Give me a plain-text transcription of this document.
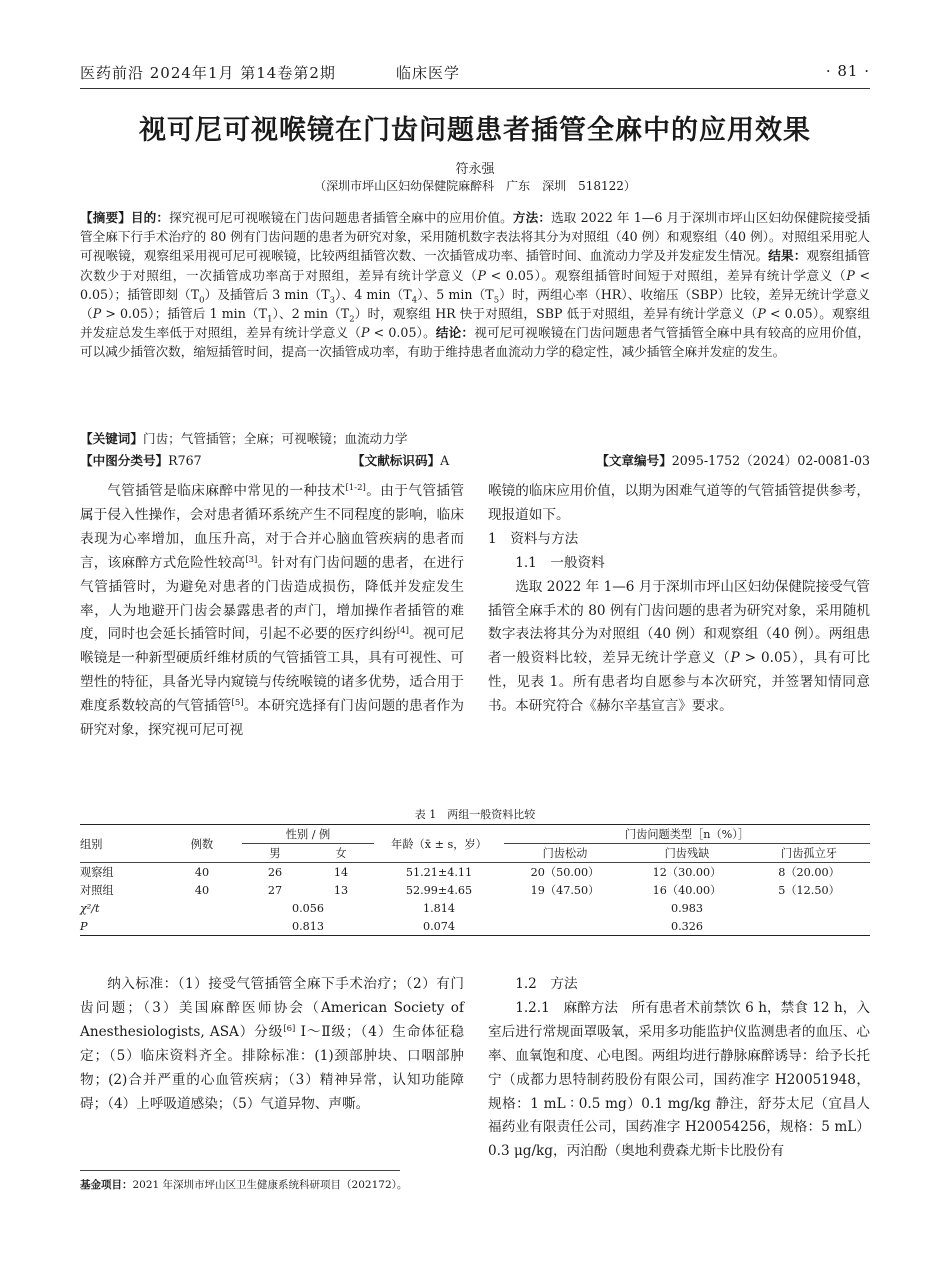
医药前沿 2024年1月 第14卷第2期	临床医学	· 81 ·
视可尼可视喉镜在门齿问题患者插管全麻中的应用效果
符永强
（深圳市坪山区妇幼保健院麻醉科　广东　深圳　518122）
【摘要】目的：探究视可尼可视喉镜在门齿问题患者插管全麻中的应用价值。方法：选取 2022 年 1—6 月于深圳市坪山区妇幼保健院接受插管全麻下行手术治疗的 80 例有门齿问题的患者为研究对象，采用随机数字表法将其分为对照组（40 例）和观察组（40 例）。对照组采用驼人可视喉镜，观察组采用视可尼可视喉镜，比较两组插管次数、一次插管成功率、插管时间、血流动力学及并发症发生情况。结果：观察组插管次数少于对照组，一次插管成功率高于对照组，差异有统计学意义（P < 0.05）。观察组插管时间短于对照组，差异有统计学意义（P < 0.05）；插管即刻$(T_0)$及插管后 3 $\min(T_3)$、4 $\min(T_4)$、5 $\min(T_5)$时，两组心率（HR）、收缩压（SBP）比较，差异无统计学意义（P > 0.05）；插管后 1 $\min(T_1)$、2 $\min(T_2)$时，观察组 HR 快于对照组，SBP 低于对照组，差异有统计学意义（P < 0.05）。观察组并发症总发生率低于对照组，差异有统计学意义（P < 0.05）。结论：视可尼可视喉镜在门齿问题患者气管插管全麻中具有较高的应用价值，可以减少插管次数，缩短插管时间，提高一次插管成功率，有助于维持患者血流动力学的稳定性，减少插管全麻并发症的发生。
【关键词】门齿；气管插管；全麻；可视喉镜；血流动力学
【中图分类号】R767	【文献标识码】A	【文章编号】2095-1752（2024）02-0081-03

气管插管是临床麻醉中常见的一种技术[1-2]。由于气管插管属于侵入性操作，会对患者循环系统产生不同程度的影响，临床表现为心率增加，血压升高，对于合并心脑血管疾病的患者而言，该麻醉方式危险性较高[3]。针对有门齿问题的患者，在进行气管插管时，为避免对患者的门齿造成损伤，降低并发症发生率，人为地避开门齿会暴露患者的声门，增加操作者插管的难度，同时也会延长插管时间，引起不必要的医疗纠纷[4]。视可尼喉镜是一种新型硬质纤维材质的气管插管工具，具有可视性、可塑性的特征，具备光导内窥镜与传统喉镜的诸多优势，适合用于难度系数较高的气管插管[5]。本研究选择有门齿问题的患者作为研究对象，探究视可尼可视

喉镜的临床应用价值，以期为困难气道等的气管插管提供参考，现报道如下。

1　资料与方法

1.1　一般资料

选取 2022 年 1—6 月于深圳市坪山区妇幼保健院接受气管插管全麻手术的 80 例有门齿问题的患者为研究对象，采用随机数字表法将其分为对照组（40 例）和观察组（40 例）。两组患者一般资料比较，差异无统计学意义（P > 0.05），具有可比性，见表 1。所有患者均自愿参与本次研究，并签署知情同意书。本研究符合《赫尔辛基宣言》要求。

表 1　两组一般资料比较
组别	例数	性别 / 例		年龄（x̄ ± s，岁）	门齿问题类型［n（%）］		
		男	女		门齿松动	门齿残缺	门齿孤立牙
观察组	40	26	14	51.21±4.11	20（50.00）	12（30.00）	8（20.00）
对照组	40	27	13	52.99±4.65	19（47.50）	16（40.00）	5（12.50）
χ²/t		0.056		1.814	0.983		
P		0.813		0.074	0.326		

纳入标准：（1）接受气管插管全麻下手术治疗；（2）有门齿问题；（3）美国麻醉医师协会（American Society of Anesthesiologists, ASA）分级[6] Ⅰ～Ⅱ级；（4）生命体征稳定；（5）临床资料齐全。排除标准：(1)颈部肿块、口咽部肿物；(2)合并严重的心血管疾病；（3）精神异常，认知功能障碍；（4）上呼吸道感染；（5）气道异物、声嘶。

1.2　方法

1.2.1　麻醉方法　所有患者术前禁饮 6 h，禁食 12 h，入室后进行常规面罩吸氧，采用多功能监护仪监测患者的血压、心率、血氧饱和度、心电图。两组均进行静脉麻醉诱导：给予长托宁（成都力思特制药股份有限公司，国药准字 H20051948，规格：1 mL ∶ 0.5 mg）0.1 mg/kg 静注，舒芬太尼（宜昌人福药业有限责任公司，国药准字 H20054256，规格：5 mL）0.3 μg/kg，丙泊酚（奥地利费森尤斯卡比股份有

基金项目：2021 年深圳市坪山区卫生健康系统科研项目（202172）。
